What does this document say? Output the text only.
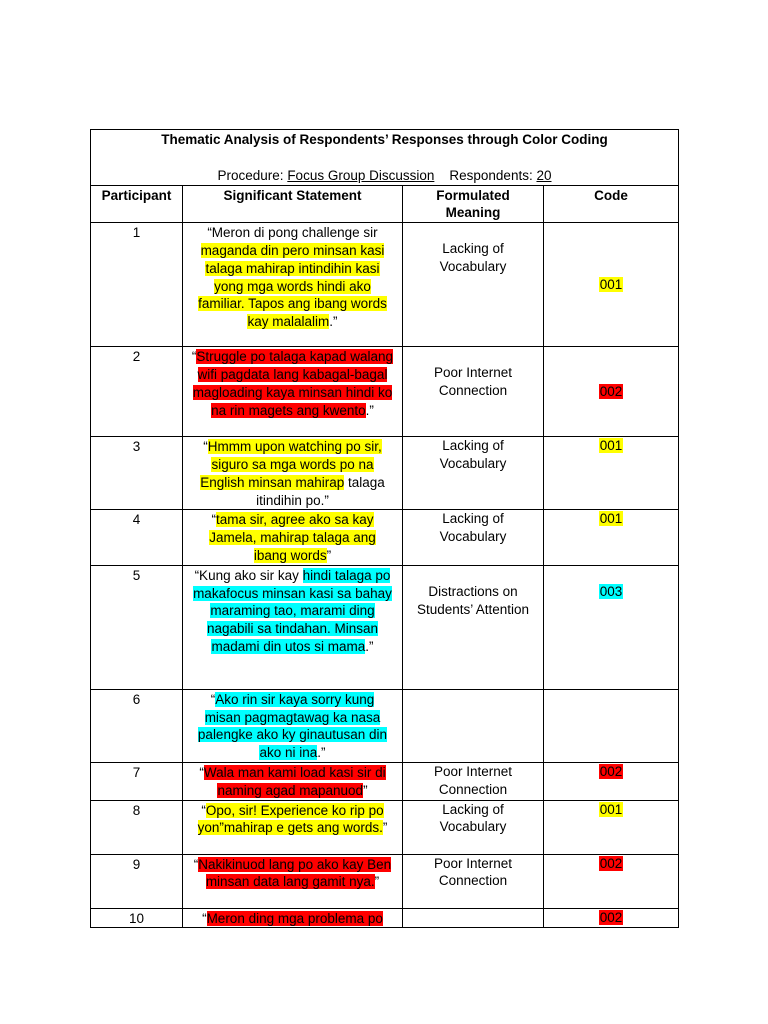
Thematic Analysis of Respondents’ Responses through Color Coding
Procedure: Focus Group Discussion Respondents: 20			

Participant	Significant Statement	Formulated Meaning	Code
1	“Meron di pong challenge sir maganda din pero minsan kasi talaga mahirap intindihin kasi yong mga words hindi ako familiar. Tapos ang ibang words kay malalalim.”	Lacking of Vocabulary	001
2	“Struggle po talaga kapad walang wifi pagdata lang kabagal-bagal magloading kaya minsan hindi ko na rin magets ang kwento.”	Poor Internet Connection	002
3	“Hmmm upon watching po sir, siguro sa mga words po na English minsan mahirap talaga itindihin po.”	Lacking of Vocabulary	001
4	“tama sir, agree ako sa kay Jamela, mahirap talaga ang ibang words”	Lacking of Vocabulary	001
5	“Kung ako sir kay hindi talaga po makafocus minsan kasi sa bahay maraming tao, marami ding nagabili sa tindahan. Minsan madami din utos si mama.”	Distractions on Students’ Attention	003
6	“Ako rin sir kaya sorry kung misan pagmagtawag ka nasa palengke ako ky ginautusan din ako ni ina.”		
7	“Wala man kami load kasi sir di naming agad mapanuod”	Poor Internet Connection	002
8	“Opo, sir! Experience ko rip po yon”mahirap e gets ang words.”	Lacking of Vocabulary	001
9	“Nakikinuod lang po ako kay Ben minsan data lang gamit nya.”	Poor Internet Connection	002
10	“Meron ding mga problema po		002
